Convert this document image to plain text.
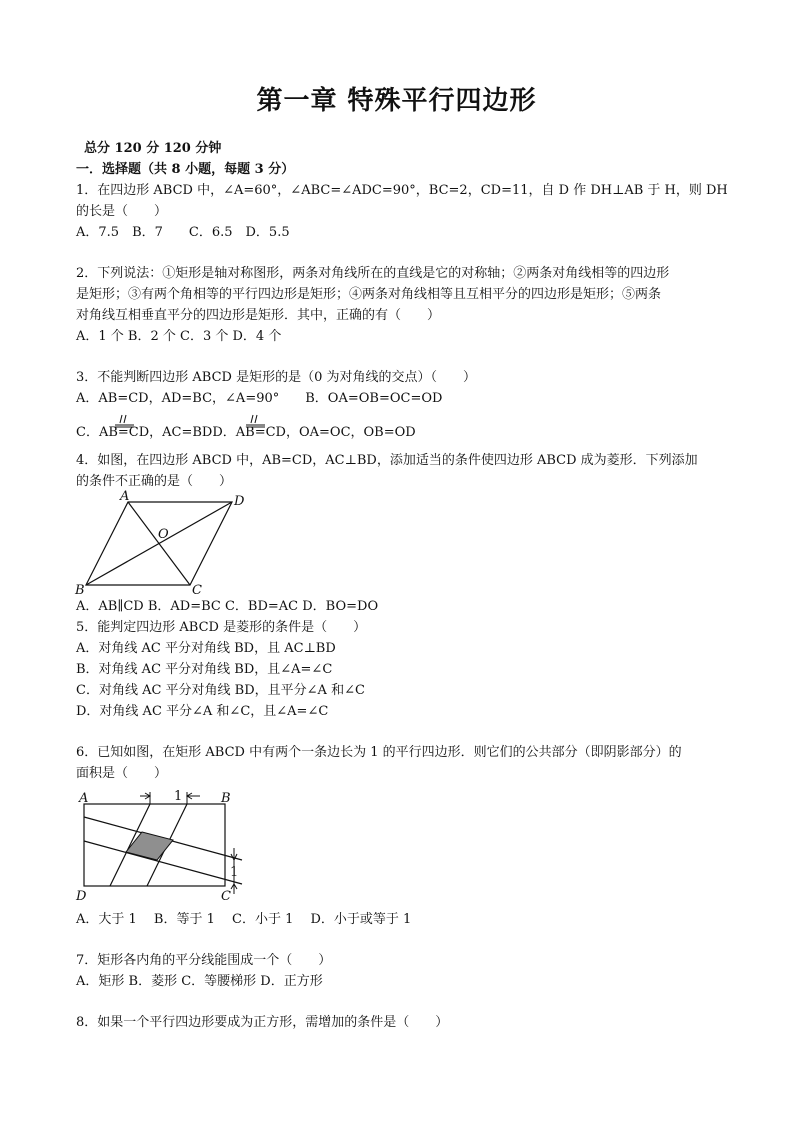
第一章 特殊平行四边形
总分 120 分 120 分钟
一．选择题（共 8 小题，每题 3 分）
1．在四边形 ABCD 中，∠A=60°，∠ABC=∠ADC=90°，BC=2，CD=11，自 D 作 DH⊥AB 于 H，则 DH
的长是（　　）
A．7.5　B．7　　C．6.5　D．5.5
2．下列说法：①矩形是轴对称图形，两条对角线所在的直线是它的对称轴；②两条对角线相等的四边形
是矩形；③有两个角相等的平行四边形是矩形；④两条对角线相等且互相平分的四边形是矩形；⑤两条
对角线互相垂直平分的四边形是矩形．其中，正确的有（　　）
A．1 个 B．2 个 C．3 个 D．4 个
3．不能判断四边形 ABCD 是矩形的是（0 为对角线的交点）（　　）
A．AB=CD，AD=BC，∠A=90°　　B．OA=OB=OC=OD
C．AB=CD，AC=BDD．AB=CD，OA=OC，OB=OD
4．如图，在四边形 ABCD 中，AB=CD，AC⊥BD，添加适当的条件使四边形 ABCD 成为菱形．下列添加
的条件不正确的是（　　）
A	D
B	C
O
A．AB∥CD B．AD=BC C．BD=AC D．BO=DO
5．能判定四边形 ABCD 是菱形的条件是（　　）
A．对角线 AC 平分对角线 BD，且 AC⊥BD
B．对角线 AC 平分对角线 BD，且∠A=∠C
C．对角线 AC 平分对角线 BD，且平分∠A 和∠C
D．对角线 AC 平分∠A 和∠C，且∠A=∠C
6．已知如图，在矩形 ABCD 中有两个一条边长为 1 的平行四边形．则它们的公共部分（即阴影部分）的
面积是（　　）
A	B
C
D
1
1
A．大于 1　 B．等于 1　 C．小于 1　 D．小于或等于 1
7．矩形各内角的平分线能围成一个（　　）
A．矩形 B．菱形 C．等腰梯形 D．正方形
8．如果一个平行四边形要成为正方形，需增加的条件是（　　）
